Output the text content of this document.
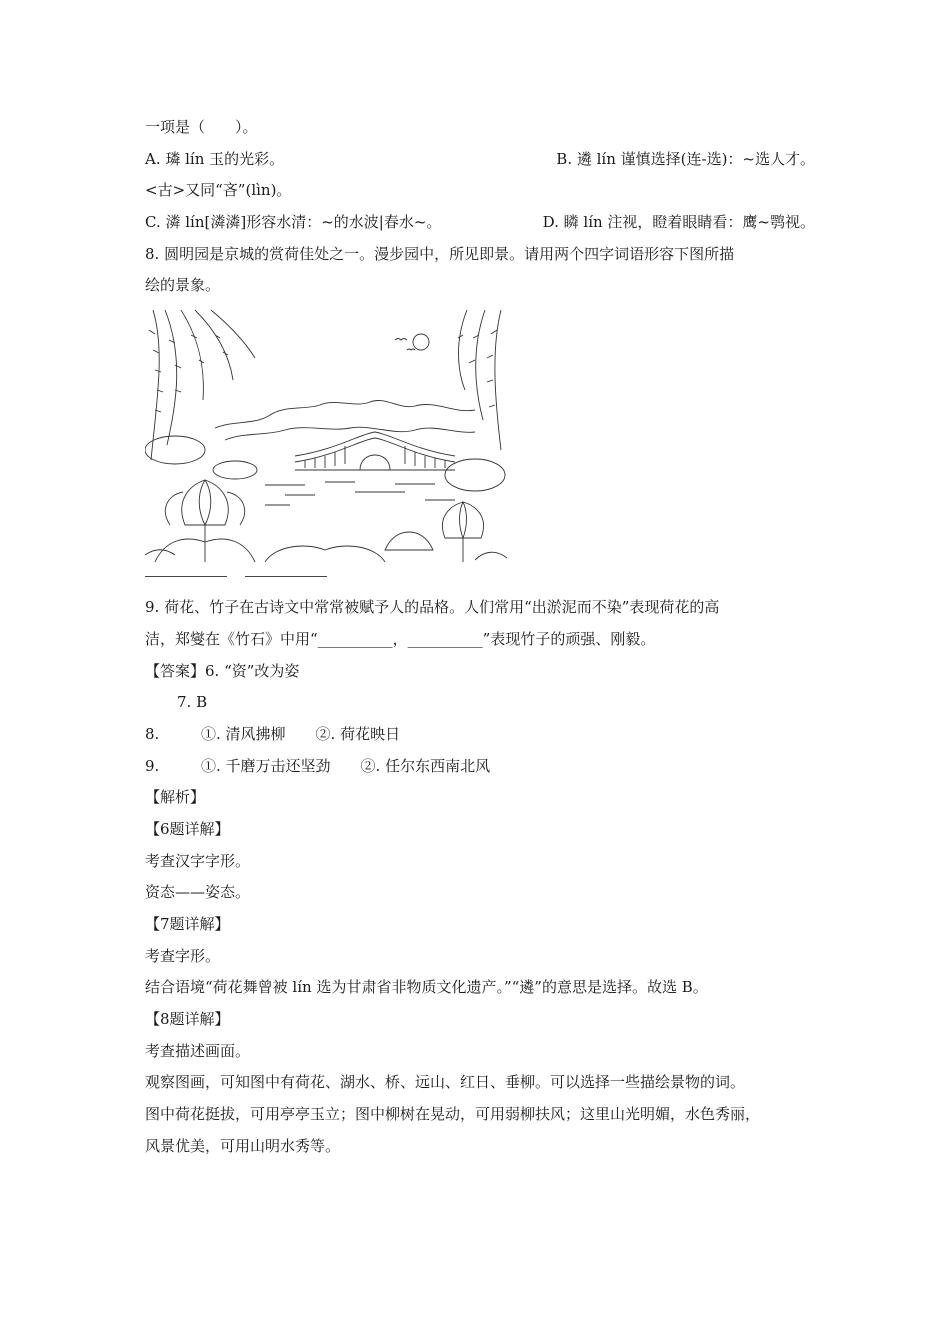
一项是（　　）。
A. 璘 lín 玉的光彩。	B. 遴 lín 谨慎选择(连-选)：~选人才。
<古>又同“吝”(lìn)。
C. 潾 lín[潾潾]形容水清：~的水波|春水~。	D. 瞵 lín 注视，瞪着眼睛看：鹰~鹗视。
8. 圆明园是京城的赏荷佳处之一。漫步园中，所见即景。请用两个四字词语形容下图所描
绘的景象。
9. 荷花、竹子在古诗文中常常被赋予人的品格。人们常用“出淤泥而不染”表现荷花的高
洁，郑燮在《竹石》中用“__________，__________”表现竹子的顽强、刚毅。
【答案】6. “资”改为姿
7. B
8.	①. 清风拂柳 ②. 荷花映日
9.	①. 千磨万击还坚劲 ②. 任尔东西南北风
【解析】
【6题详解】
考查汉字字形。
资态——姿态。
【7题详解】
考查字形。
结合语境“荷花舞曾被 lín 选为甘肃省非物质文化遗产。”“遴”的意思是选择。故选 B。
【8题详解】
考查描述画面。
观察图画，可知图中有荷花、湖水、桥、远山、红日、垂柳。可以选择一些描绘景物的词。
图中荷花挺拔，可用亭亭玉立；图中柳树在晃动，可用弱柳扶风；这里山光明媚，水色秀丽，
风景优美，可用山明水秀等。
